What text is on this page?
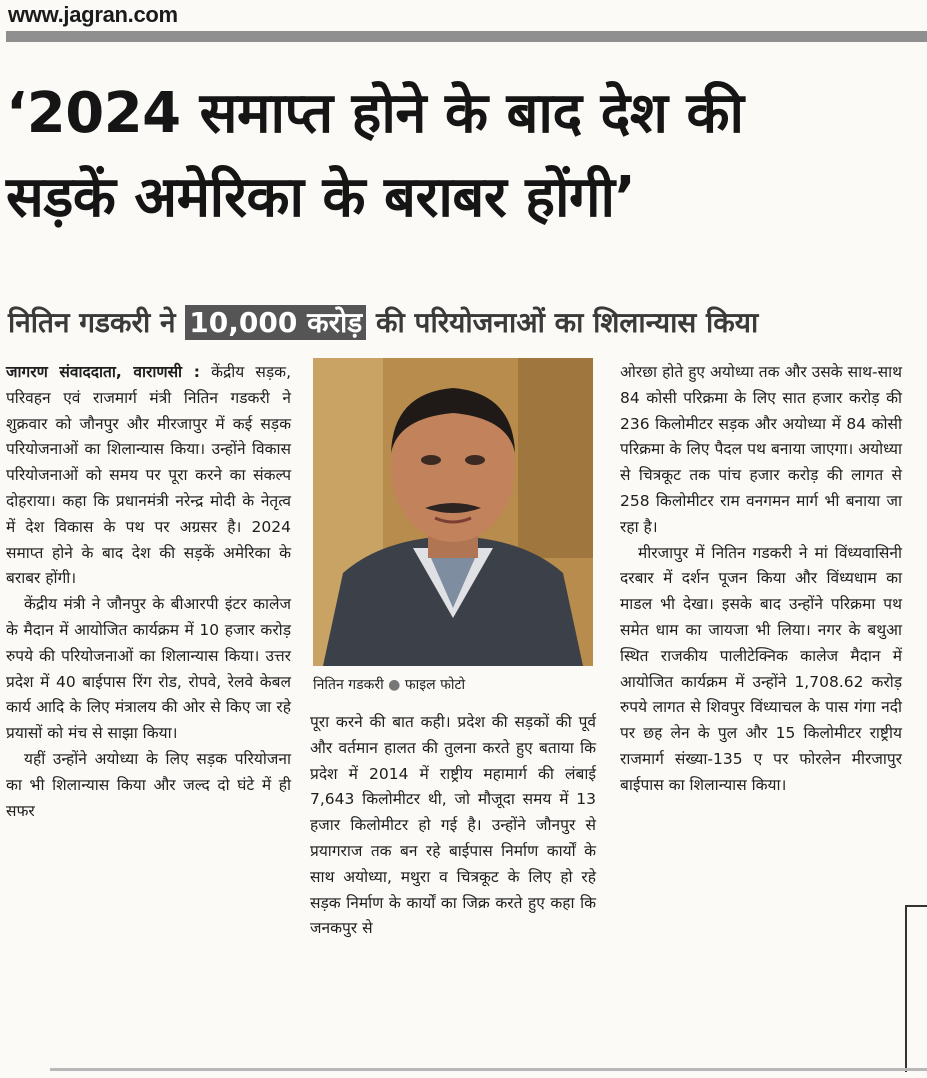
www.jagran.com
‘2024 समाप्त होने के बाद देश की
सड़कें अमेरिका के बराबर होंगी’
नितिन गडकरी ने 10,000 करोड़ की परियोजनाओं का शिलान्यास किया

जागरण संवाददाता, वाराणसी : केंद्रीय सड़क, परिवहन एवं राजमार्ग मंत्री नितिन गडकरी ने शुक्रवार को जौनपुर और मीरजापुर में कई सड़क परियोजनाओं का शिलान्यास किया। उन्होंने विकास परियोजनाओं को समय पर पूरा करने का संकल्प दोहराया। कहा कि प्रधानमंत्री नरेन्द्र मोदी के नेतृत्व में देश विकास के पथ पर अग्रसर है। 2024 समाप्त होने के बाद देश की सड़कें अमेरिका के बराबर होंगी।

केंद्रीय मंत्री ने जौनपुर के बीआरपी इंटर कालेज के मैदान में आयोजित कार्यक्रम में 10 हजार करोड़ रुपये की परियोजनाओं का शिलान्यास किया। उत्तर प्रदेश में 40 बाईपास रिंग रोड, रोपवे, रेलवे केबल कार्य आदि के लिए मंत्रालय की ओर से किए जा रहे प्रयासों को मंच से साझा किया।

यहीं उन्होंने अयोध्या के लिए सड़क परियोजना का भी शिलान्यास किया और जल्द दो घंटे में ही सफर

नितिन गडकरी ● फाइल फोटो

पूरा करने की बात कही। प्रदेश की सड़कों की पूर्व और वर्तमान हालत की तुलना करते हुए बताया कि प्रदेश में 2014 में राष्ट्रीय महामार्ग की लंबाई 7,643 किलोमीटर थी, जो मौजूदा समय में 13 हजार किलोमीटर हो गई है। उन्होंने जौनपुर से प्रयागराज तक बन रहे बाईपास निर्माण कार्यों के साथ अयोध्या, मथुरा व चित्रकूट के लिए हो रहे सड़क निर्माण के कार्यों का जिक्र करते हुए कहा कि जनकपुर से

ओरछा होते हुए अयोध्या तक और उसके साथ-साथ 84 कोसी परिक्रमा के लिए सात हजार करोड़ की 236 किलोमीटर सड़क और अयोध्या में 84 कोसी परिक्रमा के लिए पैदल पथ बनाया जाएगा। अयोध्या से चित्रकूट तक पांच हजार करोड़ की लागत से 258 किलोमीटर राम वनगमन मार्ग भी बनाया जा रहा है।

मीरजापुर में नितिन गडकरी ने मां विंध्यवासिनी दरबार में दर्शन पूजन किया और विंध्यधाम का माडल भी देखा। इसके बाद उन्होंने परिक्रमा पथ समेत धाम का जायजा भी लिया। नगर के बथुआ स्थित राजकीय पालीटेक्निक कालेज मैदान में आयोजित कार्यक्रम में उन्होंने 1,708.62 करोड़ रुपये लागत से शिवपुर विंध्याचल के पास गंगा नदी पर छह लेन के पुल और 15 किलोमीटर राष्ट्रीय राजमार्ग संख्या-135 ए पर फोरलेन मीरजापुर बाईपास का शिलान्यास किया।
